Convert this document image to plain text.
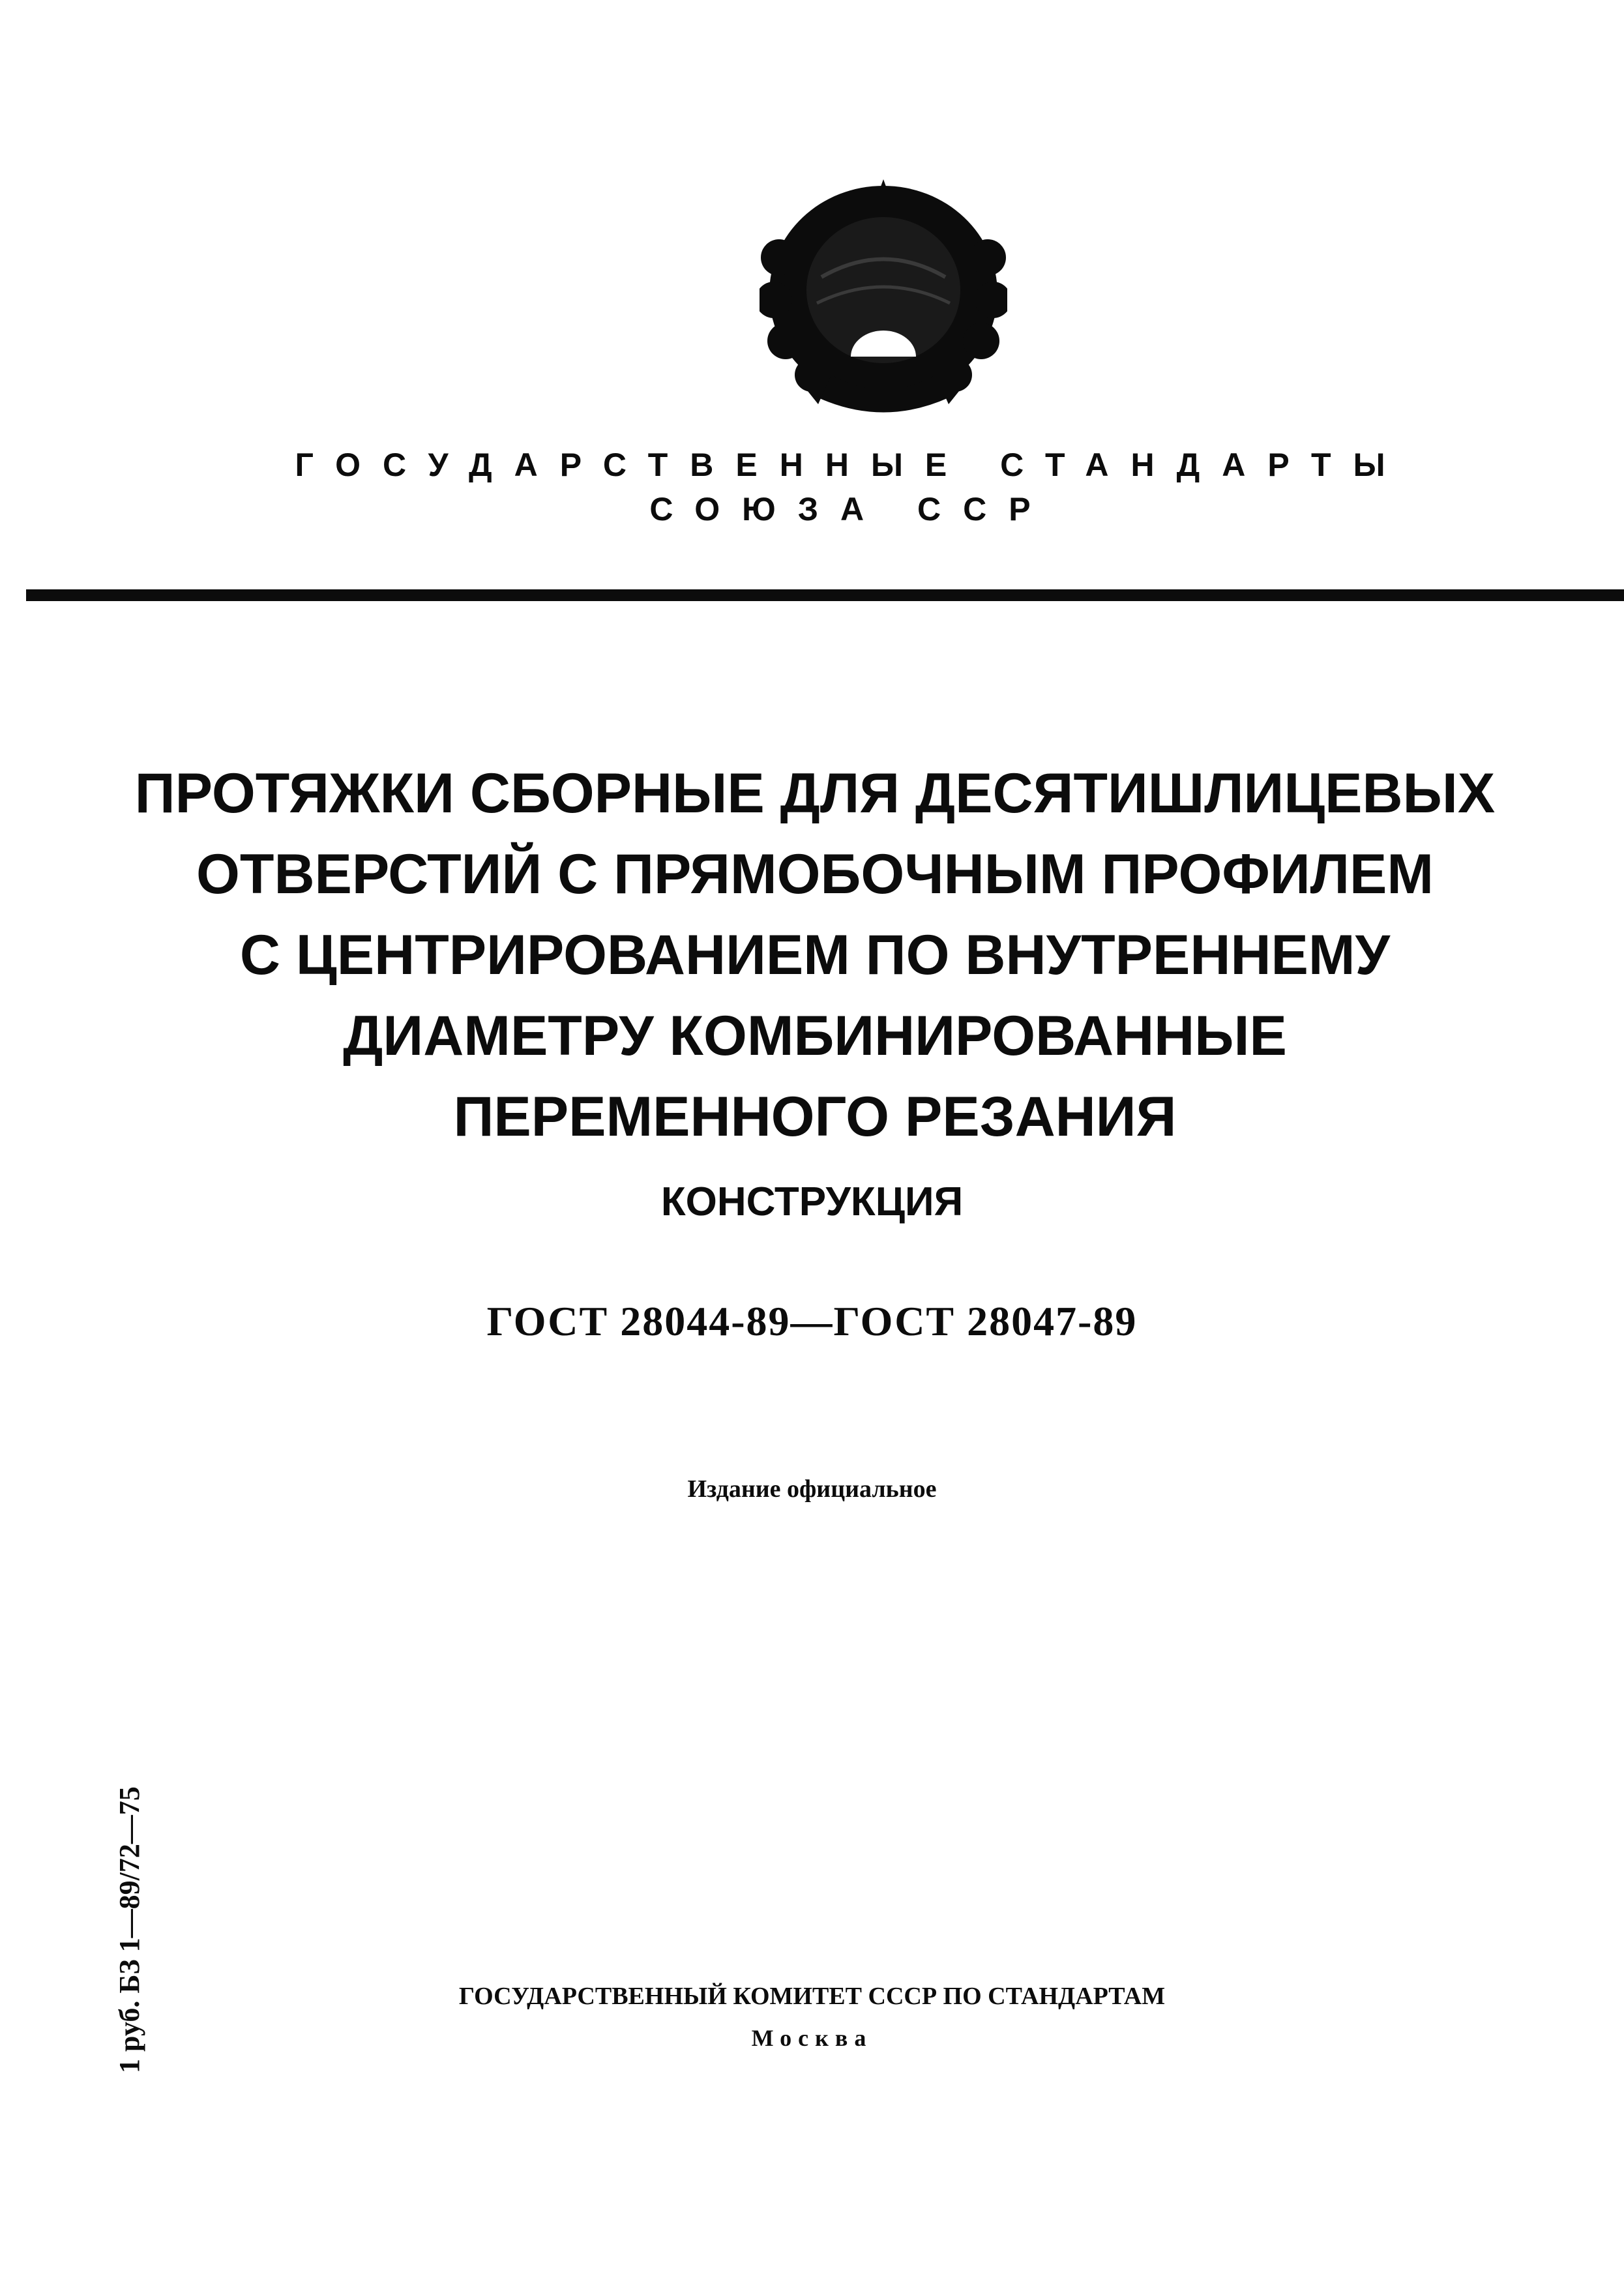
ГОСУДАРСТВЕННЫЕ СТАНДАРТЫ
СОЮЗА ССР
ПРОТЯЖКИ СБОРНЫЕ ДЛЯ ДЕСЯТИШЛИЦЕВЫХ
ОТВЕРСТИЙ С ПРЯМОБОЧНЫМ ПРОФИЛЕМ
С ЦЕНТРИРОВАНИЕМ ПО ВНУТРЕННЕМУ
ДИАМЕТРУ КОМБИНИРОВАННЫЕ
ПЕРЕМЕННОГО РЕЗАНИЯ
КОНСТРУКЦИЯ
ГОСТ 28044-89—ГОСТ 28047-89
Издание официальное
1 руб. БЗ 1—89/72—75	ГОСУДАРСТВЕННЫЙ КОМИТЕТ СССР ПО СТАНДАРТАМ
Москва
